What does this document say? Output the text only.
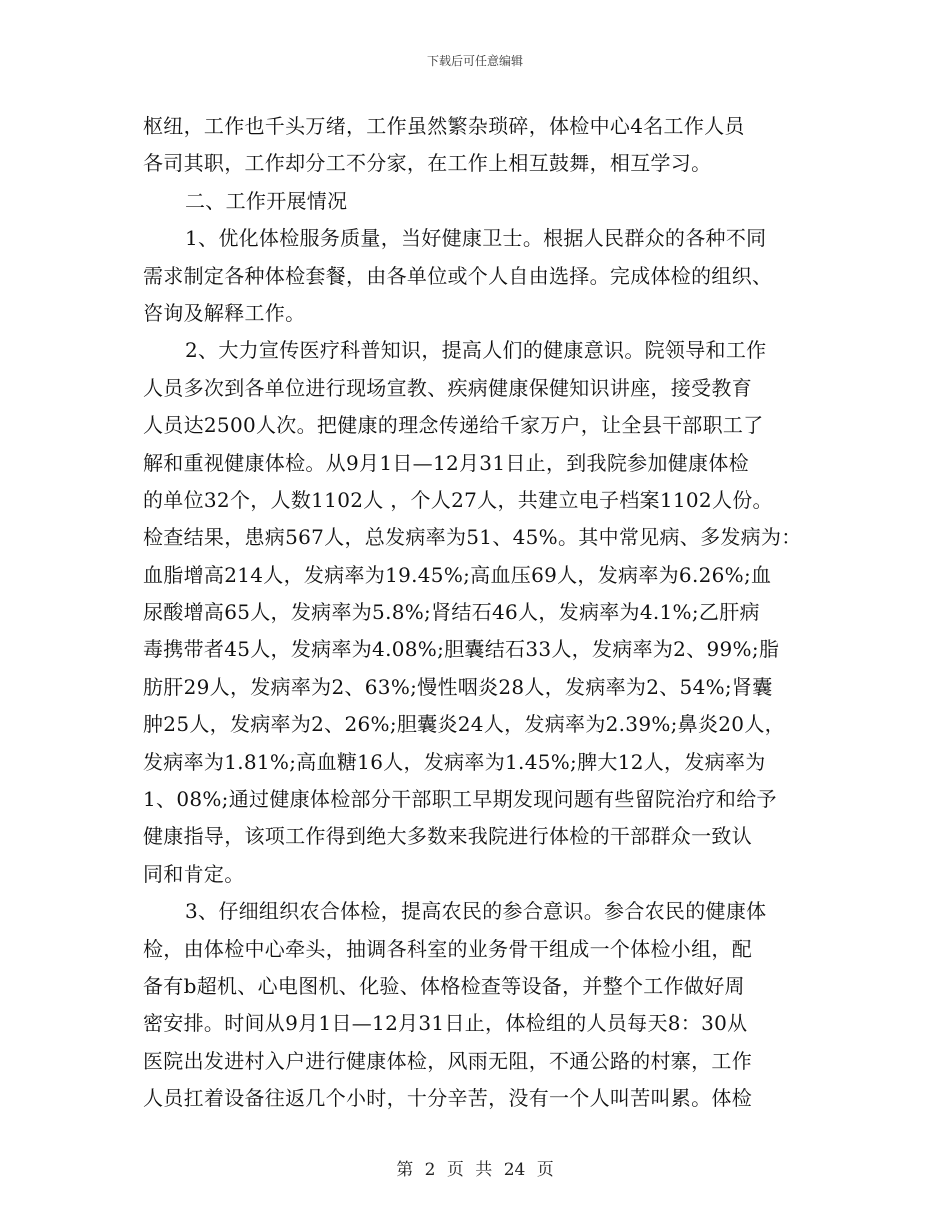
下载后可任意编辑
枢纽，工作也千头万绪，工作虽然繁杂琐碎，体检中心4名工作人员
各司其职，工作却分工不分家，在工作上相互鼓舞，相互学习。
二、工作开展情况
1、优化体检服务质量，当好健康卫士。根据人民群众的各种不同
需求制定各种体检套餐，由各单位或个人自由选择。完成体检的组织、
咨询及解释工作。
2、大力宣传医疗科普知识，提高人们的健康意识。院领导和工作
人员多次到各单位进行现场宣教、疾病健康保健知识讲座，接受教育
人员达2500人次。把健康的理念传递给千家万户，让全县干部职工了
解和重视健康体检。从9月1日—12月31日止，到我院参加健康体检
的单位32个，人数1102人 ，个人27人，共建立电子档案1102人份。
检查结果，患病567人，总发病率为51、45%。其中常见病、多发病为：
血脂增高214人，发病率为19.45%;高血压69人，发病率为6.26%;血
尿酸增高65人，发病率为5.8%;肾结石46人，发病率为4.1%;乙肝病
毒携带者45人，发病率为4.08%;胆囊结石33人，发病率为2、99%;脂
肪肝29人，发病率为2、63%;慢性咽炎28人，发病率为2、54%;肾囊
肿25人，发病率为2、26%;胆囊炎24人，发病率为2.39%;鼻炎20人，
发病率为1.81%;高血糖16人，发病率为1.45%;脾大12人，发病率为
1、08%;通过健康体检部分干部职工早期发现问题有些留院治疗和给予
健康指导，该项工作得到绝大多数来我院进行体检的干部群众一致认
同和肯定。
3、仔细组织农合体检，提高农民的参合意识。参合农民的健康体
检，由体检中心牵头，抽调各科室的业务骨干组成一个体检小组，配
备有b超机、心电图机、化验、体格检查等设备，并整个工作做好周
密安排。时间从9月1日—12月31日止，体检组的人员每天8：30从
医院出发进村入户进行健康体检，风雨无阻，不通公路的村寨，工作
人员扛着设备往返几个小时，十分辛苦，没有一个人叫苦叫累。体检
第 2 页 共 24 页
